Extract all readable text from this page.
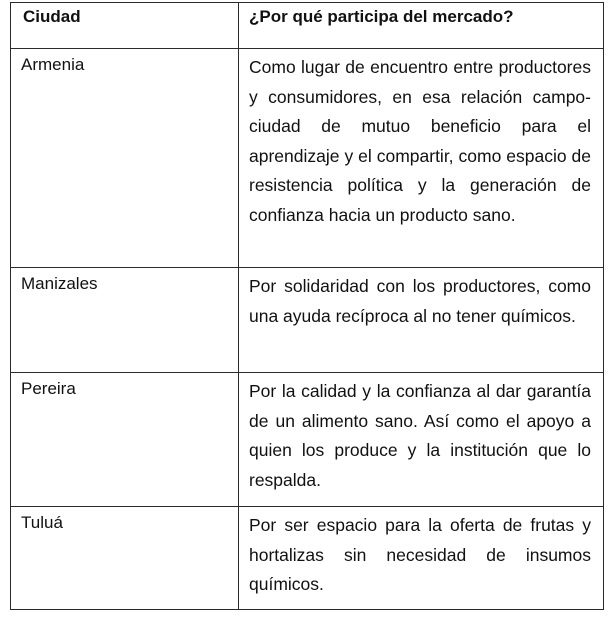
Ciudad	¿Por qué participa del mercado?
Armenia	Como lugar de encuentro entre productores y consumidores, en esa relación campo-ciudad de mutuo beneficio para el aprendizaje y el compartir, como espacio de resistencia política y la generación de confianza hacia un producto sano.
Manizales	Por solidaridad con los productores, como una ayuda recíproca al no tener químicos.
Pereira	Por la calidad y la confianza al dar garantía de un alimento sano. Así como el apoyo a quien los produce y la institución que lo respalda.
Tuluá	Por ser espacio para la oferta de frutas y hortalizas sin necesidad de insumos químicos.
